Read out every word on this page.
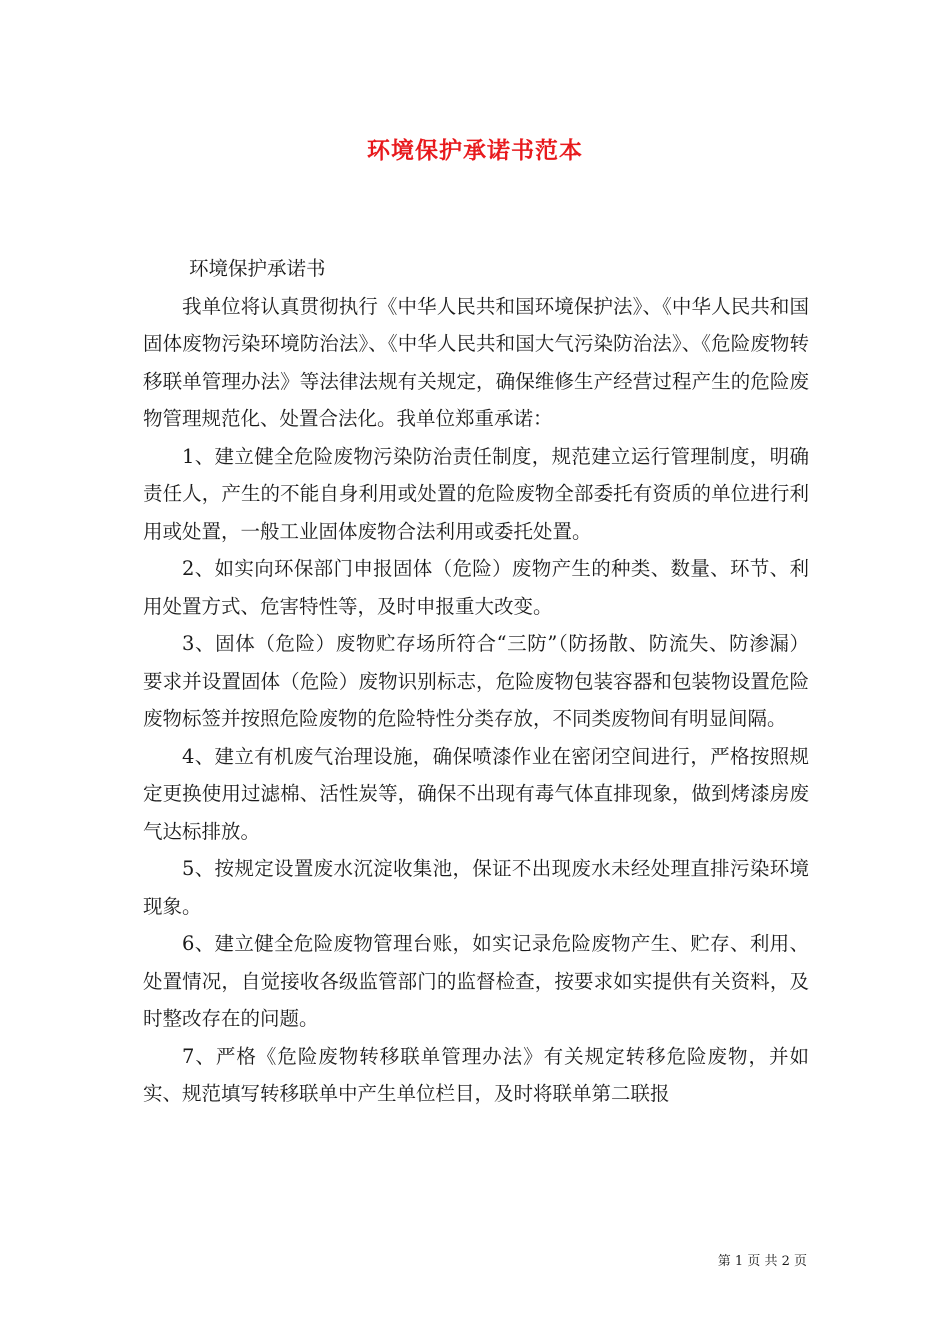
环境保护承诺书范本
环境保护承诺书

我单位将认真贯彻执行《中华人民共和国环境保护法》、《中华人民共和国固体废物污染环境防治法》、《中华人民共和国大气污染防治法》、《危险废物转移联单管理办法》等法律法规有关规定，确保维修生产经营过程产生的危险废物管理规范化、处置合法化。我单位郑重承诺：

1、建立健全危险废物污染防治责任制度，规范建立运行管理制度，明确责任人，产生的不能自身利用或处置的危险废物全部委托有资质的单位进行利用或处置，一般工业固体废物合法利用或委托处置。

2、如实向环保部门申报固体（危险）废物产生的种类、数量、环节、利用处置方式、危害特性等，及时申报重大改变。

3、固体（危险）废物贮存场所符合“三防”（防扬散、防流失、防渗漏）要求并设置固体（危险）废物识别标志，危险废物包装容器和包装物设置危险废物标签并按照危险废物的危险特性分类存放，不同类废物间有明显间隔。

4、建立有机废气治理设施，确保喷漆作业在密闭空间进行，严格按照规定更换使用过滤棉、活性炭等，确保不出现有毒气体直排现象，做到烤漆房废气达标排放。

5、按规定设置废水沉淀收集池，保证不出现废水未经处理直排污染环境现象。

6、建立健全危险废物管理台账，如实记录危险废物产生、贮存、利用、处置情况，自觉接收各级监管部门的监督检查，按要求如实提供有关资料，及时整改存在的问题。

7、严格《危险废物转移联单管理办法》有关规定转移危险废物，并如实、规范填写转移联单中产生单位栏目，及时将联单第二联报

第 1 页 共 2 页
